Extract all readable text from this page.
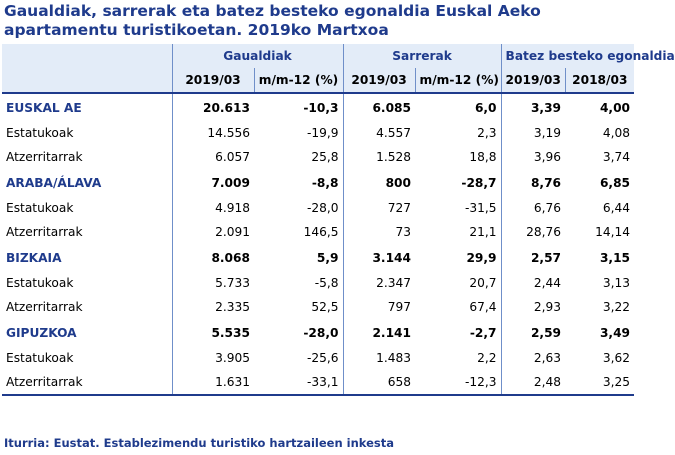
Gaualdiak, sarrerak eta batez besteko egonaldia Euskal Aeko apartamentu turistikoetan. 2019ko Martxoa
	Gaualdiak		Sarrerak		Batez besteko egonaldia	
	2019/03	m/m-12 (%)	2019/03	m/m-12 (%)	2019/03	2018/03
EUSKAL AE	20.613	-10,3	6.085	6,0	3,39	4,00
Estatukoak	14.556	-19,9	4.557	2,3	3,19	4,08
Atzerritarrak	6.057	25,8	1.528	18,8	3,96	3,74
ARABA/ÁLAVA	7.009	-8,8	800	-28,7	8,76	6,85
Estatukoak	4.918	-28,0	727	-31,5	6,76	6,44
Atzerritarrak	2.091	146,5	73	21,1	28,76	14,14
BIZKAIA	8.068	5,9	3.144	29,9	2,57	3,15
Estatukoak	5.733	-5,8	2.347	20,7	2,44	3,13
Atzerritarrak	2.335	52,5	797	67,4	2,93	3,22
GIPUZKOA	5.535	-28,0	2.141	-2,7	2,59	3,49
Estatukoak	3.905	-25,6	1.483	2,2	2,63	3,62
Atzerritarrak	1.631	-33,1	658	-12,3	2,48	3,25
Iturria: Eustat. Establezimendu turistiko hartzaileen inkesta
